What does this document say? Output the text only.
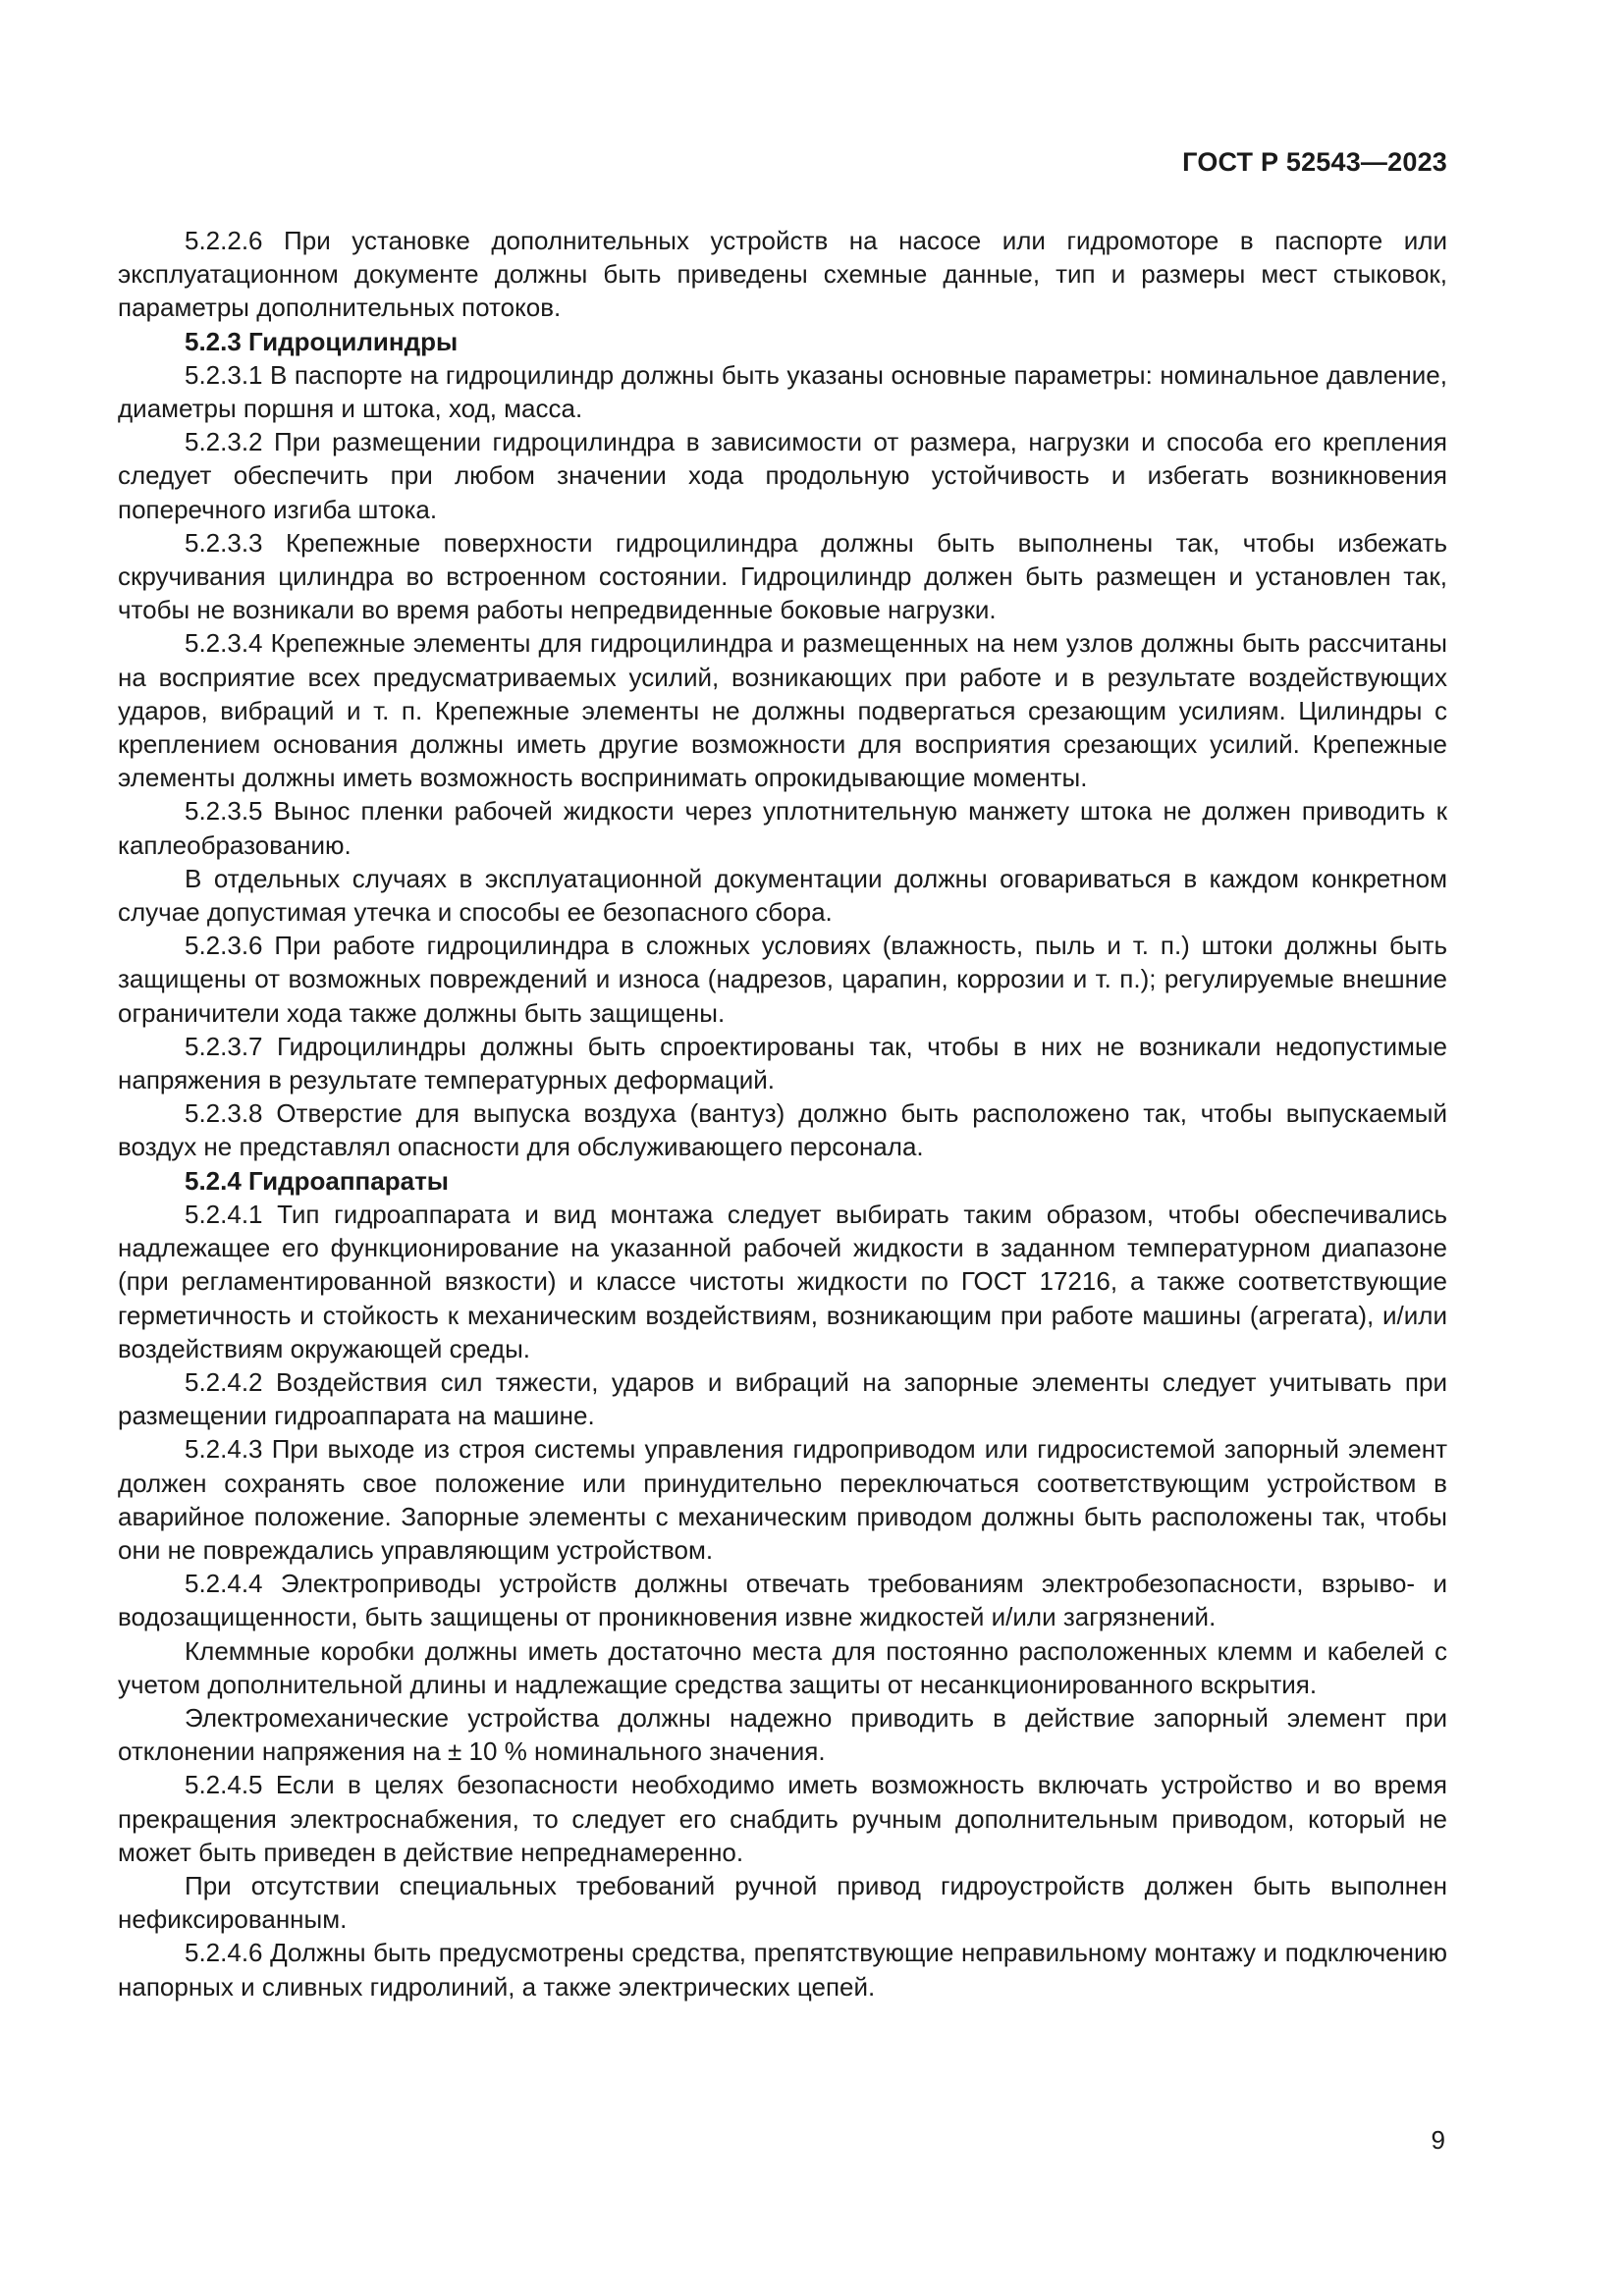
ГОСТ Р 52543—2023

5.2.2.6 При установке дополнительных устройств на насосе или гидромоторе в паспорте или эксплуатационном документе должны быть приведены схемные данные, тип и размеры мест стыковок, параметры дополнительных потоков.

5.2.3 Гидроцилиндры

5.2.3.1 В паспорте на гидроцилиндр должны быть указаны основные параметры: номинальное давление, диаметры поршня и штока, ход, масса.

5.2.3.2 При размещении гидроцилиндра в зависимости от размера, нагрузки и способа его крепления следует обеспечить при любом значении хода продольную устойчивость и избегать возникновения поперечного изгиба штока.

5.2.3.3 Крепежные поверхности гидроцилиндра должны быть выполнены так, чтобы избежать скручивания цилиндра во встроенном состоянии. Гидроцилиндр должен быть размещен и установлен так, чтобы не возникали во время работы непредвиденные боковые нагрузки.

5.2.3.4 Крепежные элементы для гидроцилиндра и размещенных на нем узлов должны быть рассчитаны на восприятие всех предусматриваемых усилий, возникающих при работе и в результате воздействующих ударов, вибраций и т. п. Крепежные элементы не должны подвергаться срезающим усилиям. Цилиндры с креплением основания должны иметь другие возможности для восприятия срезающих усилий. Крепежные элементы должны иметь возможность воспринимать опрокидывающие моменты.

5.2.3.5 Вынос пленки рабочей жидкости через уплотнительную манжету штока не должен приводить к каплеобразованию.

В отдельных случаях в эксплуатационной документации должны оговариваться в каждом конкретном случае допустимая утечка и способы ее безопасного сбора.

5.2.3.6 При работе гидроцилиндра в сложных условиях (влажность, пыль и т. п.) штоки должны быть защищены от возможных повреждений и износа (надрезов, царапин, коррозии и т. п.); регулируемые внешние ограничители хода также должны быть защищены.

5.2.3.7 Гидроцилиндры должны быть спроектированы так, чтобы в них не возникали недопустимые напряжения в результате температурных деформаций.

5.2.3.8 Отверстие для выпуска воздуха (вантуз) должно быть расположено так, чтобы выпускаемый воздух не представлял опасности для обслуживающего персонала.

5.2.4 Гидроаппараты

5.2.4.1 Тип гидроаппарата и вид монтажа следует выбирать таким образом, чтобы обеспечивались надлежащее его функционирование на указанной рабочей жидкости в заданном температурном диапазоне (при регламентированной вязкости) и классе чистоты жидкости по ГОСТ 17216, а также соответствующие герметичность и стойкость к механическим воздействиям, возникающим при работе машины (агрегата), и/или воздействиям окружающей среды.

5.2.4.2 Воздействия сил тяжести, ударов и вибраций на запорные элементы следует учитывать при размещении гидроаппарата на машине.

5.2.4.3 При выходе из строя системы управления гидроприводом или гидросистемой запорный элемент должен сохранять свое положение или принудительно переключаться соответствующим устройством в аварийное положение. Запорные элементы с механическим приводом должны быть расположены так, чтобы они не повреждались управляющим устройством.

5.2.4.4 Электроприводы устройств должны отвечать требованиям электробезопасности, взрыво- и водозащищенности, быть защищены от проникновения извне жидкостей и/или загрязнений.

Клеммные коробки должны иметь достаточно места для постоянно расположенных клемм и кабелей с учетом дополнительной длины и надлежащие средства защиты от несанкционированного вскрытия.

Электромеханические устройства должны надежно приводить в действие запорный элемент при отклонении напряжения на ± 10 % номинального значения.

5.2.4.5 Если в целях безопасности необходимо иметь возможность включать устройство и во время прекращения электроснабжения, то следует его снабдить ручным дополнительным приводом, который не может быть приведен в действие непреднамеренно.

При отсутствии специальных требований ручной привод гидроустройств должен быть выполнен нефиксированным.

5.2.4.6 Должны быть предусмотрены средства, препятствующие неправильному монтажу и подключению напорных и сливных гидролиний, а также электрических цепей.

9
